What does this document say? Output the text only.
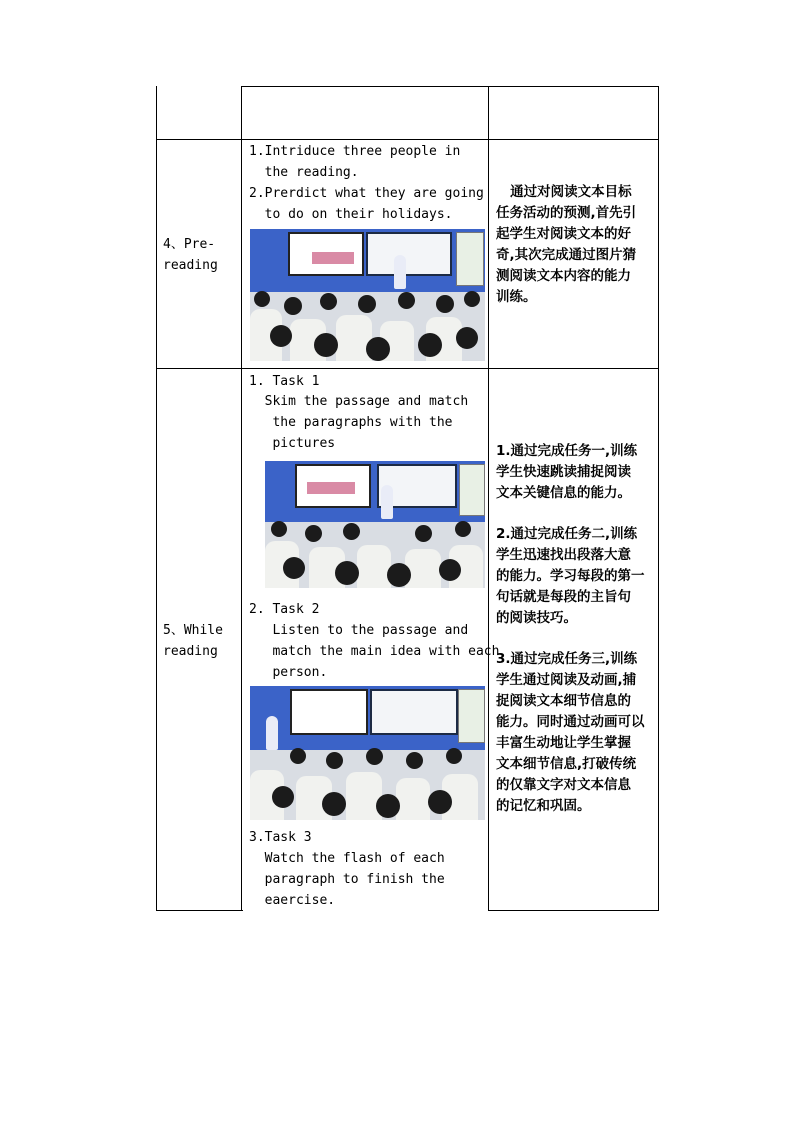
4、Pre-
reading
1.Intriduce three people in
the reading.
2.Prerdict what they are going
to do on their holidays.
通过对阅读文本目标
任务活动的预测,首先引
起学生对阅读文本的好
奇,其次完成通过图片猜
测阅读文本内容的能力
训练。
5、While
reading
1. Task 1
Skim the passage and match
the paragraphs with the
pictures
2. Task 2
Listen to the passage and
match the main idea with each
person.
3.Task 3
Watch the flash of each
paragraph to finish the
eaercise.
1.通过完成任务一,训练
学生快速跳读捕捉阅读
文本关键信息的能力。
2.通过完成任务二,训练
学生迅速找出段落大意
的能力。学习每段的第一
句话就是每段的主旨句
的阅读技巧。
3.通过完成任务三,训练
学生通过阅读及动画,捕
捉阅读文本细节信息的
能力。同时通过动画可以
丰富生动地让学生掌握
文本细节信息,打破传统
的仅靠文字对文本信息
的记忆和巩固。
